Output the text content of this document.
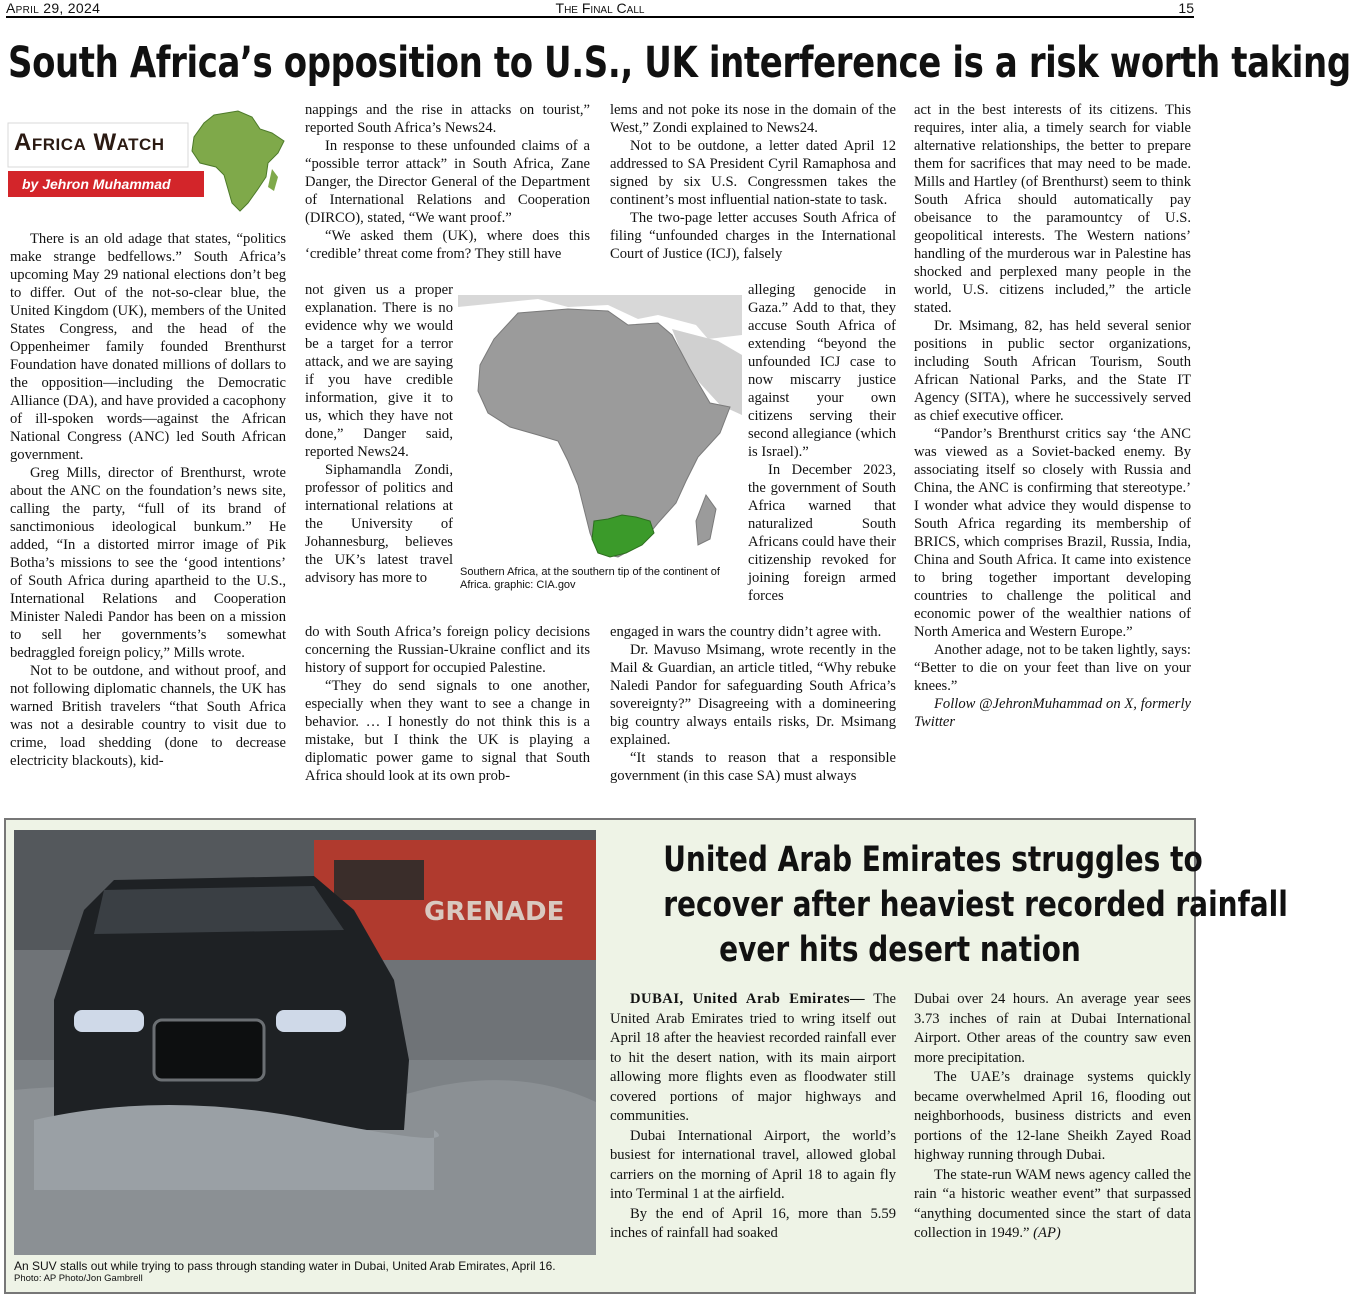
April 29, 2024	The Final Call	15
South Africa’s opposition to U.S., UK interference is a risk worth taking
Africa Watch
by Jehron Muhammad

There is an old adage that states, “politics make strange bedfellows.” South Africa’s upcoming May 29 national elections don’t beg to differ. Out of the not-so-clear blue, the United Kingdom (UK), members of the United States Congress, and the head of the Oppenheimer family founded Brenthurst Foundation have donated millions of dollars to the opposition—including the Democratic Alliance (DA), and have provided a cacophony of ill-spoken words—against the African National Congress (ANC) led South African government.

Greg Mills, director of Brenthurst, wrote about the ANC on the foundation’s news site, calling the party, “full of its brand of sanctimonious ideological bunkum.” He added, “In a distorted mirror image of Pik Botha’s missions to see the ‘good intentions’ of South Africa during apartheid to the U.S., International Relations and Cooperation Minister Naledi Pandor has been on a mission to sell her governments’s somewhat bedraggled foreign policy,” Mills wrote.

Not to be outdone, and without proof, and not following diplomatic channels, the UK has warned British travelers “that South Africa was not a desirable country to visit due to crime, load shedding (done to decrease electricity blackouts), kid-

nappings and the rise in attacks on tourist,” reported South Africa’s News24.

In response to these unfounded claims of a “possible terror attack” in South Africa, Zane Danger, the Director General of the Department of International Relations and Cooperation (DIRCO), stated, “We want proof.”

“We asked them (UK), where does this ‘credible’ threat come from? They still have

not given us a proper explanation. There is no evidence why we would be a target for a terror attack, and we are saying if you have credible information, give it to us, which they have not done,” Danger said, reported News24.

Siphamandla Zondi, professor of politics and international relations at the University of Johannesburg, believes the UK’s latest travel advisory has more to

do with South Africa’s foreign policy decisions concerning the Russian-Ukraine conflict and its history of support for occupied Palestine.

“They do send signals to one another, especially when they want to see a change in behavior. … I honestly do not think this is a mistake, but I think the UK is playing a diplomatic power game to signal that South Africa should look at its own prob-

lems and not poke its nose in the domain of the West,” Zondi explained to News24.

Not to be outdone, a letter dated April 12 addressed to SA President Cyril Ramaphosa and signed by six U.S. Congressmen takes the continent’s most influential nation-state to task.

The two-page letter accuses South Africa of filing “unfounded charges in the International Court of Justice (ICJ), falsely

alleging genocide in Gaza.” Add to that, they accuse South Africa of extending “beyond the unfounded ICJ case to now miscarry justice against your own citizens serving their second allegiance (which is Israel).”

In December 2023, the government of South Africa warned that naturalized South Africans could have their citizenship revoked for joining foreign armed forces

engaged in wars the country didn’t agree with.

Dr. Mavuso Msimang, wrote recently in the Mail & Guardian, an article titled, “Why rebuke Naledi Pandor for safeguarding South Africa’s sovereignty?” Disagreeing with a domineering big country always entails risks, Dr. Msimang explained.

“It stands to reason that a responsible government (in this case SA) must always

act in the best interests of its citizens. This requires, inter alia, a timely search for viable alternative relationships, the better to prepare them for sacrifices that may need to be made. Mills and Hartley (of Brenthurst) seem to think South Africa should automatically pay obeisance to the paramountcy of U.S. geopolitical interests. The Western nations’ handling of the murderous war in Palestine has shocked and perplexed many people in the world, U.S. citizens included,” the article stated.

Dr. Msimang, 82, has held several senior positions in public sector organizations, including South African Tourism, South African National Parks, and the State IT Agency (SITA), where he successively served as chief executive officer.

“Pandor’s Brenthurst critics say ‘the ANC was viewed as a Soviet-backed enemy. By associating itself so closely with Russia and China, the ANC is confirming that stereotype.’ I wonder what advice they would dispense to South Africa regarding its membership of BRICS, which comprises Brazil, Russia, India, China and South Africa. It came into existence to bring together important developing countries to challenge the political and economic power of the wealthier nations of North America and Western Europe.”

Another adage, not to be taken lightly, says: “Better to die on your feet than live on your knees.”

Follow @JehronMuhammad on X, formerly Twitter

Southern Africa, at the southern tip of the continent of Africa. graphic: CIA.gov
GRENADE
An SUV stalls out while trying to pass through standing water in Dubai, United Arab Emirates, April 16.
Photo: AP Photo/Jon Gambrell
United Arab Emirates struggles to
recover after heaviest recorded rainfall
ever hits desert nation

DUBAI, United Arab Emirates— The United Arab Emirates tried to wring itself out April 18 after the heaviest recorded rainfall ever to hit the desert nation, with its main airport allowing more flights even as floodwater still covered portions of major highways and communities.

Dubai International Airport, the world’s busiest for international travel, allowed global carriers on the morning of April 18 to again fly into Terminal 1 at the airfield.

By the end of April 16, more than 5.59 inches of rainfall had soaked

Dubai over 24 hours. An average year sees 3.73 inches of rain at Dubai International Airport. Other areas of the country saw even more precipitation.

The UAE’s drainage systems quickly became overwhelmed April 16, flooding out neighborhoods, business districts and even portions of the 12-lane Sheikh Zayed Road highway running through Dubai.

The state-run WAM news agency called the rain “a historic weather event” that surpassed “anything documented since the start of data collection in 1949.” (AP)
